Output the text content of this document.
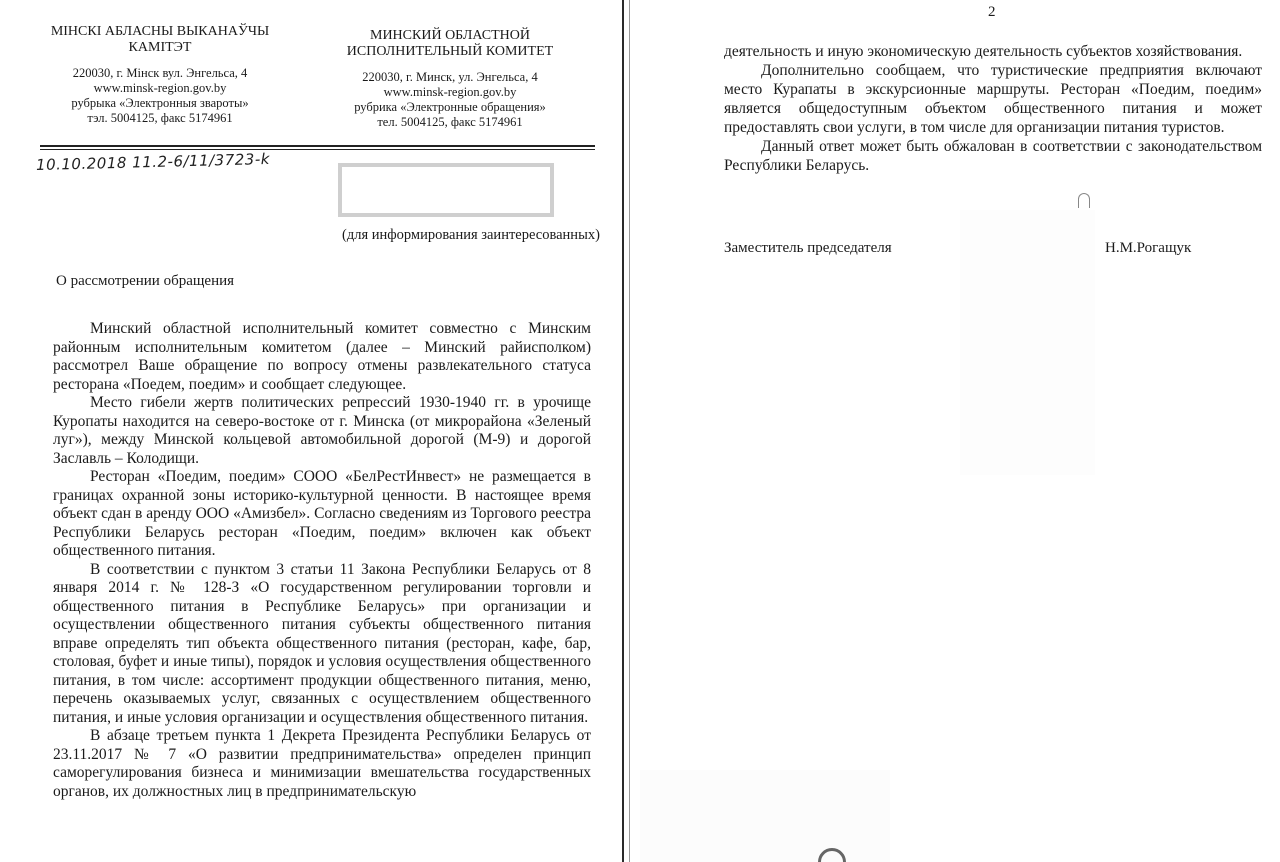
МІНСКІ АБЛАСНЫ ВЫКАНАЎЧЫ КАМІТЭТ
220030, г. Мінск вул. Энгельса, 4
www.minsk-region.gov.by
рубрыка «Электронныя звароты»
тэл. 5004125, факс 5174961
МИНСКИЙ ОБЛАСТНОЙ ИСПОЛНИТЕЛЬНЫЙ КОМИТЕТ
220030, г. Минск, ул. Энгельса, 4
www.minsk-region.gov.by
рубрика «Электронные обращения»
тел. 5004125, факс 5174961
10.10.2018 11.2-6/11/3723-k
(для информирования заинтересованных)
О рассмотрении обращения

Минский областной исполнительный комитет совместно с Минским районным исполнительным комитетом (далее – Минский райисполком) рассмотрел Ваше обращение по вопросу отмены развлекательного статуса ресторана «Поедем, поедим» и сообщает следующее.

Место гибели жертв политических репрессий 1930-1940 гг. в урочище Куропаты находится на северо-востоке от г. Минска (от микрорайона «Зеленый луг»), между Минской кольцевой автомобильной дорогой (М-9) и дорогой Заславль – Колодищи.

Ресторан «Поедим, поедим» СООО «БелРестИнвест» не размещается в границах охранной зоны историко-культурной ценности. В настоящее время объект сдан в аренду ООО «Амизбел». Согласно сведениям из Торгового реестра Республики Беларусь ресторан «Поедим, поедим» включен как объект общественного питания.

В соответствии с пунктом 3 статьи 11 Закона Республики Беларусь от 8 января 2014 г. № 128-З «О государственном регулировании торговли и общественного питания в Республике Беларусь» при организации и осуществлении общественного питания субъекты общественного питания вправе определять тип объекта общественного питания (ресторан, кафе, бар, столовая, буфет и иные типы), порядок и условия осуществления общественного питания, в том числе: ассортимент продукции общественного питания, меню, перечень оказываемых услуг, связанных с осуществлением общественного питания, и иные условия организации и осуществления общественного питания.

В абзаце третьем пункта 1 Декрета Президента Республики Беларусь от 23.11.2017 № 7 «О развитии предпринимательства» определен принцип саморегулирования бизнеса и минимизации вмешательства государственных органов, их должностных лиц в предпринимательскую

2

деятельность и иную экономическую деятельность субъектов хозяйствования.

Дополнительно сообщаем, что туристические предприятия включают место Курапаты в экскурсионные маршруты. Ресторан «Поедим, поедим» является общедоступным объектом общественного питания и может предоставлять свои услуги, в том числе для организации питания туристов.

Данный ответ может быть обжалован в соответствии с законодательством Республики Беларусь.

Заместитель председателя	Н.М.Рогащук
